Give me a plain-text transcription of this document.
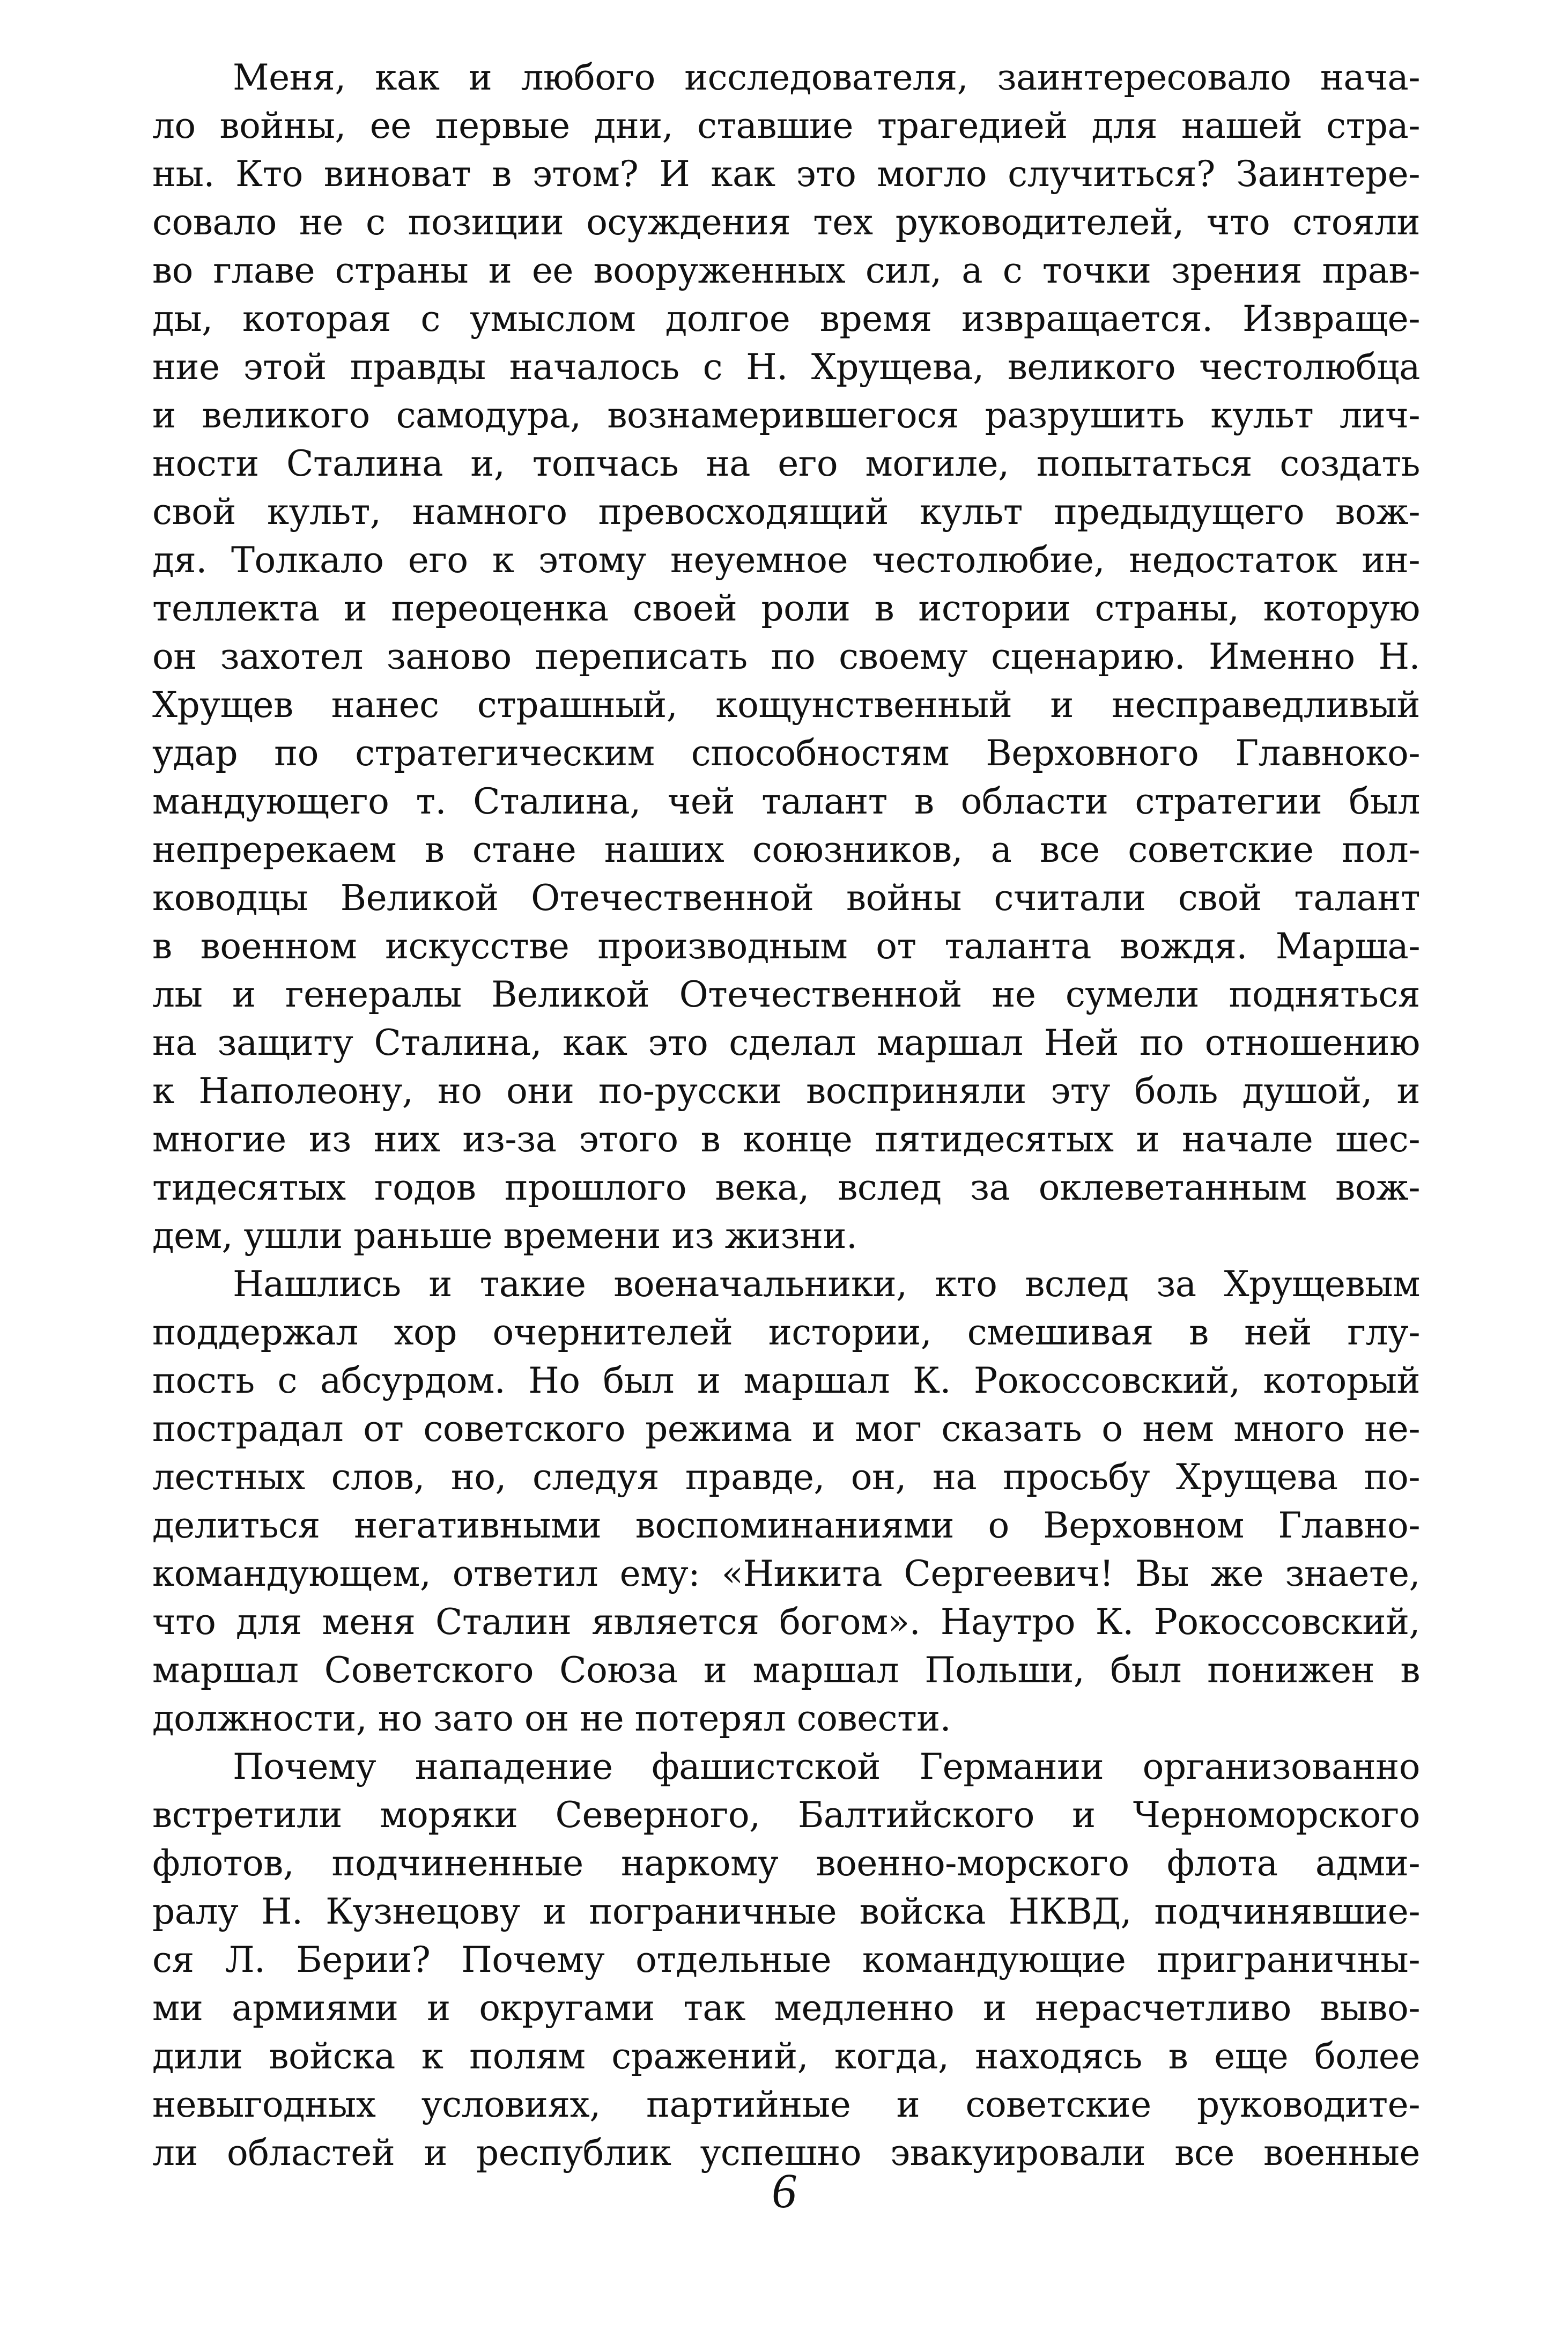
Меня, как и любого исследователя, заинтересовало нача-
ло войны, ее первые дни, ставшие трагедией для нашей стра-
ны. Кто виноват в этом? И как это могло случиться? Заинтере-
совало не с позиции осуждения тех руководителей, что стояли
во главе страны и ее вооруженных сил, а с точки зрения прав-
ды, которая с умыслом долгое время извращается. Извраще-
ние этой правды началось с Н. Хрущева, великого честолюбца
и великого самодура, вознамерившегося разрушить культ лич-
ности Сталина и, топчась на его могиле, попытаться создать
свой культ, намного превосходящий культ предыдущего вож-
дя. Толкало его к этому неуемное честолюбие, недостаток ин-
теллекта и переоценка своей роли в истории страны, которую
он захотел заново переписать по своему сценарию. Именно Н.
Хрущев нанес страшный, кощунственный и несправедливый
удар по стратегическим способностям Верховного Главноко-
мандующего т. Сталина, чей талант в области стратегии был
непререкаем в стане наших союзников, а все советские пол-
ководцы Великой Отечественной войны считали свой талант
в военном искусстве производным от таланта вождя. Марша-
лы и генералы Великой Отечественной не сумели подняться
на защиту Сталина, как это сделал маршал Ней по отношению
к Наполеону, но они по-русски восприняли эту боль душой, и
многие из них из-за этого в конце пятидесятых и начале шес-
тидесятых годов прошлого века, вслед за оклеветанным вож-
дем, ушли раньше времени из жизни.
Нашлись и такие военачальники, кто вслед за Хрущевым
поддержал хор очернителей истории, смешивая в ней глу-
пость с абсурдом. Но был и маршал К. Рокоссовский, который
пострадал от советского режима и мог сказать о нем много не-
лестных слов, но, следуя правде, он, на просьбу Хрущева по-
делиться негативными воспоминаниями о Верховном Главно-
командующем, ответил ему: «Никита Сергеевич! Вы же знаете,
что для меня Сталин является богом». Наутро К. Рокоссовский,
маршал Советского Союза и маршал Польши, был понижен в
должности, но зато он не потерял совести.
Почему нападение фашистской Германии организованно
встретили моряки Северного, Балтийского и Черноморского
флотов, подчиненные наркому военно-морского флота адми-
ралу Н. Кузнецову и пограничные войска НКВД, подчинявшие-
ся Л. Берии? Почему отдельные командующие приграничны-
ми армиями и округами так медленно и нерасчетливо выво-
дили войска к полям сражений, когда, находясь в еще более
невыгодных условиях, партийные и советские руководите-
ли областей и республик успешно эвакуировали все военные
6
